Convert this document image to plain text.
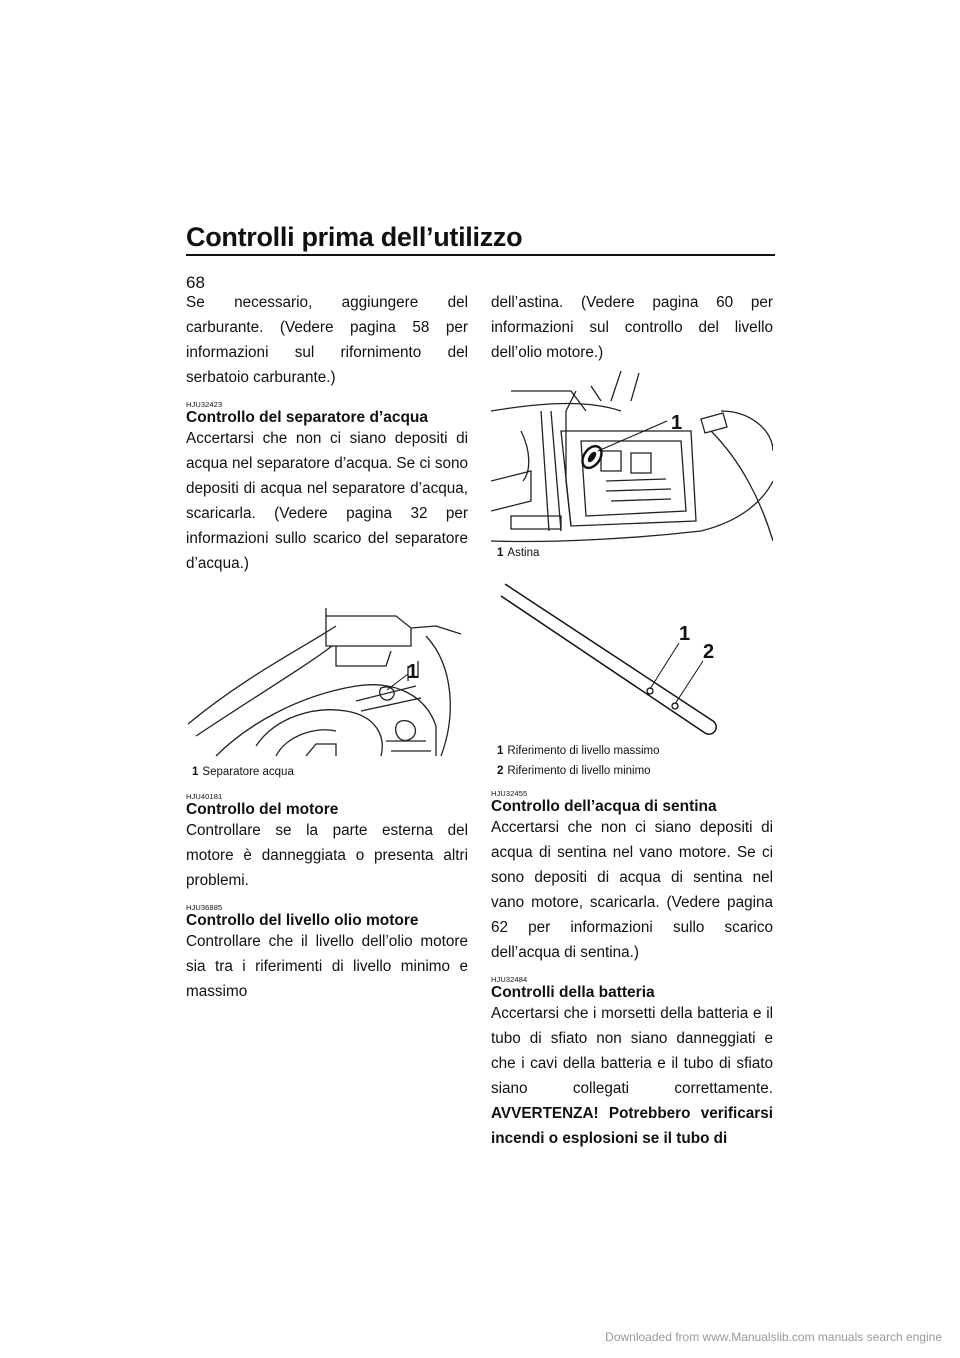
Controlli prima dell’utilizzo
68

Se necessario, aggiungere del carburante. (Vedere pagina 58 per informazioni sul rifornimento del serbatoio carburante.)

HJU32423
Controllo del separatore d’acqua

Accertarsi che non ci siano depositi di acqua nel separatore d’acqua. Se ci sono depositi di acqua nel separatore d’acqua, scaricarla. (Vedere pagina 32 per informazioni sullo scarico del separatore d’acqua.)

1
1 Separatore acqua
HJU40181
Controllo del motore

Controllare se la parte esterna del motore è danneggiata o presenta altri problemi.

HJU36885
Controllo del livello olio motore

Controllare che il livello dell’olio motore sia tra i riferimenti di livello minimo e massimo

dell’astina. (Vedere pagina 60 per informazioni sul controllo del livello dell’olio motore.)

1
1 Astina
1
2
1 Riferimento di livello massimo
2 Riferimento di livello minimo
HJU32455
Controllo dell’acqua di sentina

Accertarsi che non ci siano depositi di acqua di sentina nel vano motore. Se ci sono depositi di acqua di sentina nel vano motore, scaricarla. (Vedere pagina 62 per informazioni sullo scarico dell’acqua di sentina.)

HJU32484
Controlli della batteria

Accertarsi che i morsetti della batteria e il tubo di sfiato non siano danneggiati e che i cavi della batteria e il tubo di sfiato siano collegati correttamente. AVVERTENZA! Potrebbero verificarsi incendi o esplosioni se il tubo di

Downloaded from www.Manualslib.com manuals search engine
